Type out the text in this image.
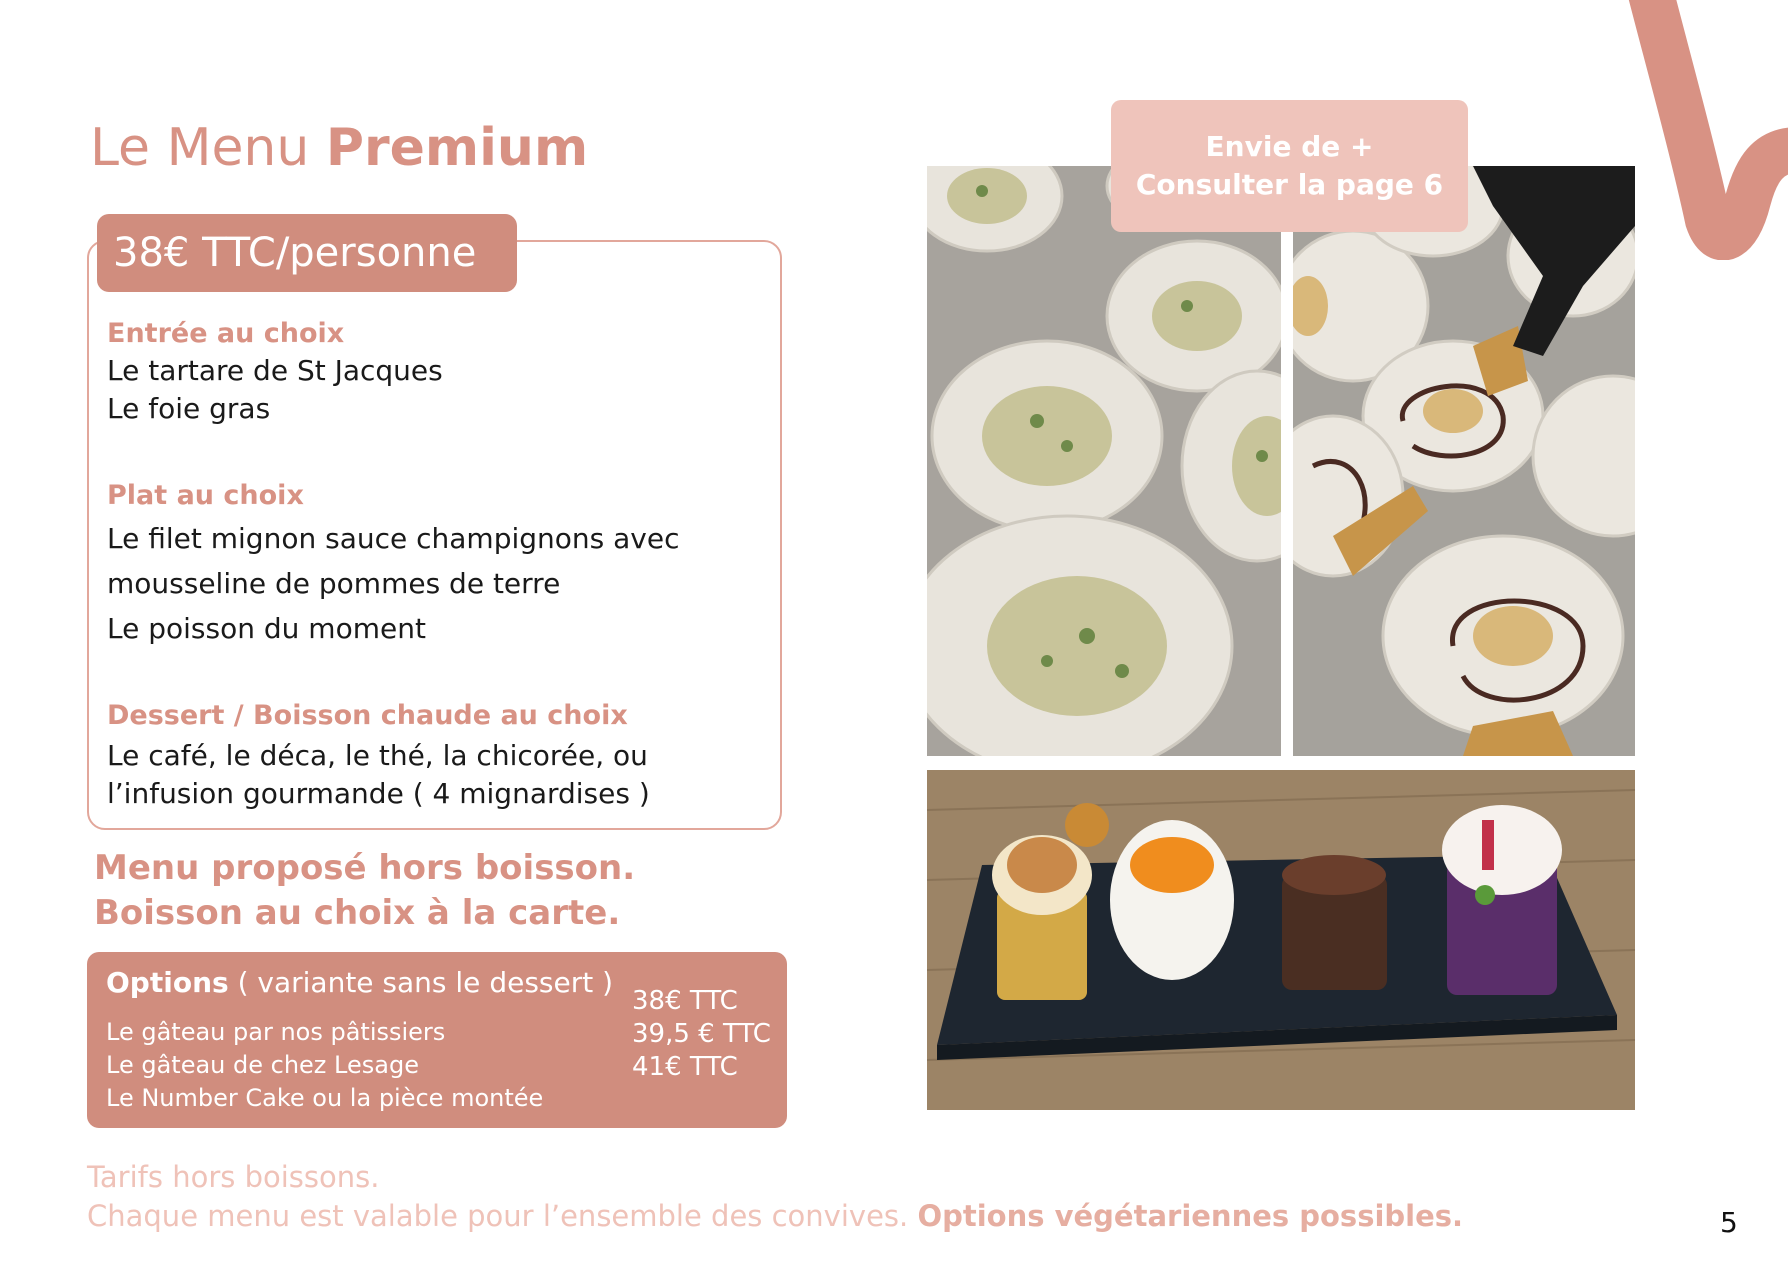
Le Menu Premium
38€ TTC/personne
Entrée au choix
Le tartare de St Jacques
Le foie gras
Plat au choix
Le filet mignon sauce champignons avec
mousseline de pommes de terre
Le poisson du moment
Dessert / Boisson chaude au choix
Le café, le déca, le thé, la chicorée, ou
l’infusion gourmande ( 4 mignardises )
Menu proposé hors boisson.
Boisson au choix à la carte.
Options ( variante sans le dessert )
Le gâteau par nos pâtissiers
Le gâteau de chez Lesage
Le Number Cake ou la pièce montée
38€ TTC
39,5 € TTC
41€ TTC
Envie de +
Consulter la page 6
Tarifs hors boissons.
Chaque menu est valable pour l’ensemble des convives. Options végétariennes possibles.	5
